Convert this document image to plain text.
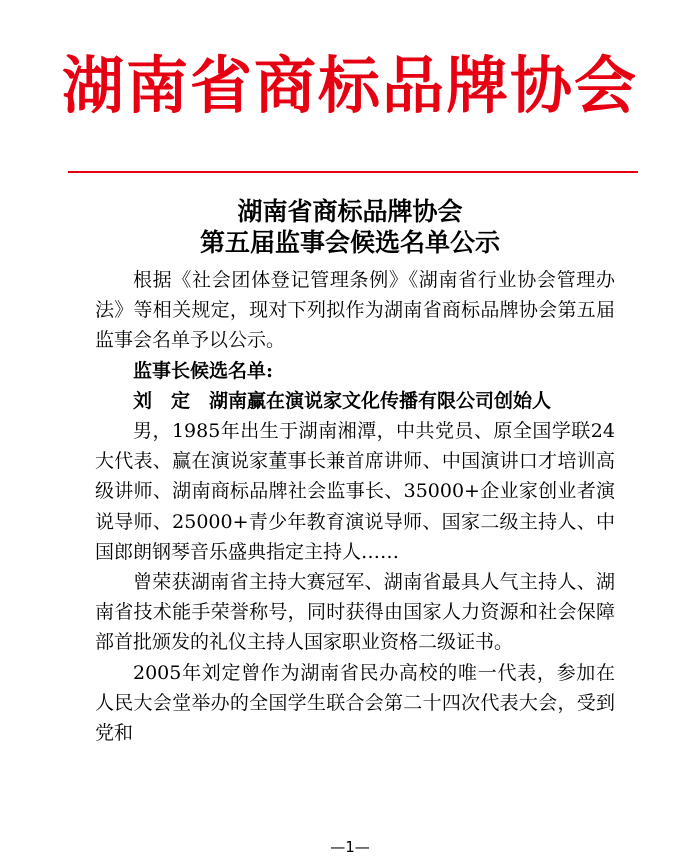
湖南省商标品牌协会
湖南省商标品牌协会
第五届监事会候选名单公示

根据《社会团体登记管理条例》《湖南省行业协会管理办法》等相关规定，现对下列拟作为湖南省商标品牌协会第五届监事会名单予以公示。

监事长候选名单:

刘　定　湖南赢在演说家文化传播有限公司创始人

男，1985年出生于湖南湘潭，中共党员、原全国学联24大代表、赢在演说家董事长兼首席讲师、中国演讲口才培训高级讲师、湖南商标品牌社会监事长、35000+企业家创业者演说导师、25000+青少年教育演说导师、国家二级主持人、中国郎朗钢琴音乐盛典指定主持人……

曾荣获湖南省主持大赛冠军、湖南省最具人气主持人、湖南省技术能手荣誉称号，同时获得由国家人力资源和社会保障部首批颁发的礼仪主持人国家职业资格二级证书。

2005年刘定曾作为湖南省民办高校的唯一代表，参加在人民大会堂举办的全国学生联合会第二十四次代表大会，受到党和

—1—
